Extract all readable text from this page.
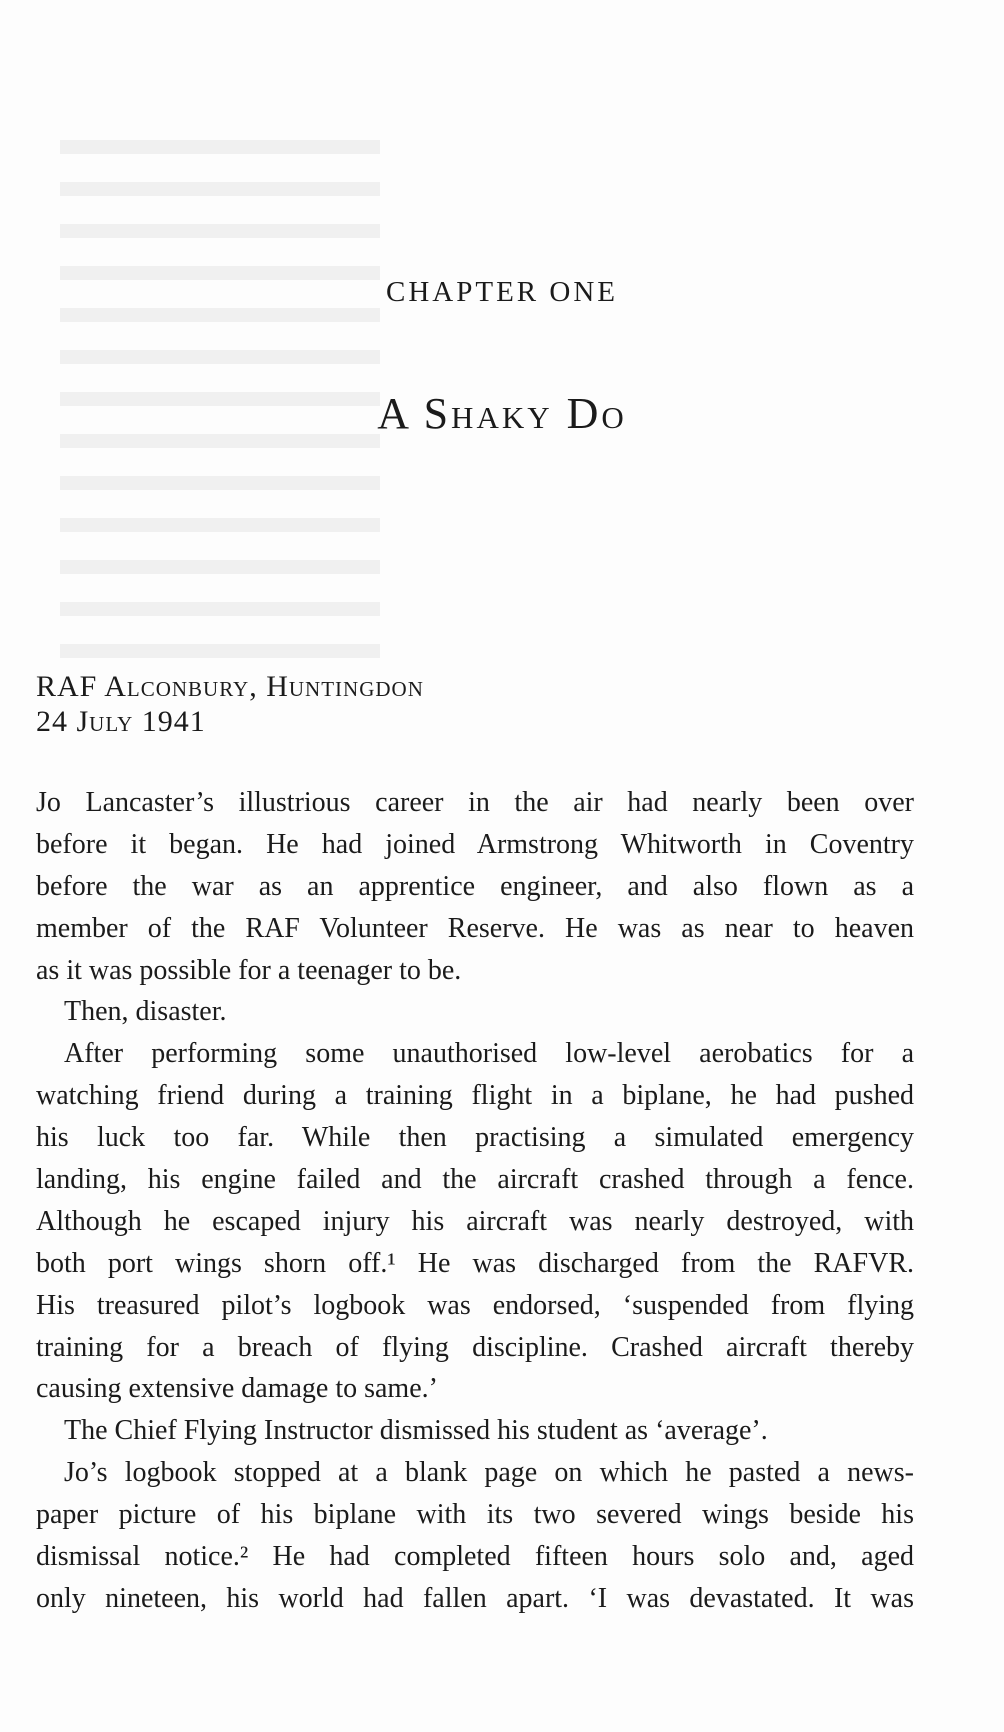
CHAPTER ONE
A Shaky Do
RAF Alconbury, Huntingdon
24 July 1941
Jo Lancaster’s illustrious career in the air had nearly been over
before it began. He had joined Armstrong Whitworth in Coventry
before the war as an apprentice engineer, and also flown as a
member of the RAF Volunteer Reserve. He was as near to heaven
as it was possible for a teenager to be.
Then, disaster.
After performing some unauthorised low-level aerobatics for a
watching friend during a training flight in a biplane, he had pushed
his luck too far. While then practising a simulated emergency
landing, his engine failed and the aircraft crashed through a fence.
Although he escaped injury his aircraft was nearly destroyed, with
both port wings shorn off.¹ He was discharged from the RAFVR.
His treasured pilot’s logbook was endorsed, ‘suspended from flying
training for a breach of flying discipline. Crashed aircraft thereby
causing extensive damage to same.’
The Chief Flying Instructor dismissed his student as ‘average’.
Jo’s logbook stopped at a blank page on which he pasted a news-
paper picture of his biplane with its two severed wings beside his
dismissal notice.² He had completed fifteen hours solo and, aged
only nineteen, his world had fallen apart. ‘I was devastated. It was
